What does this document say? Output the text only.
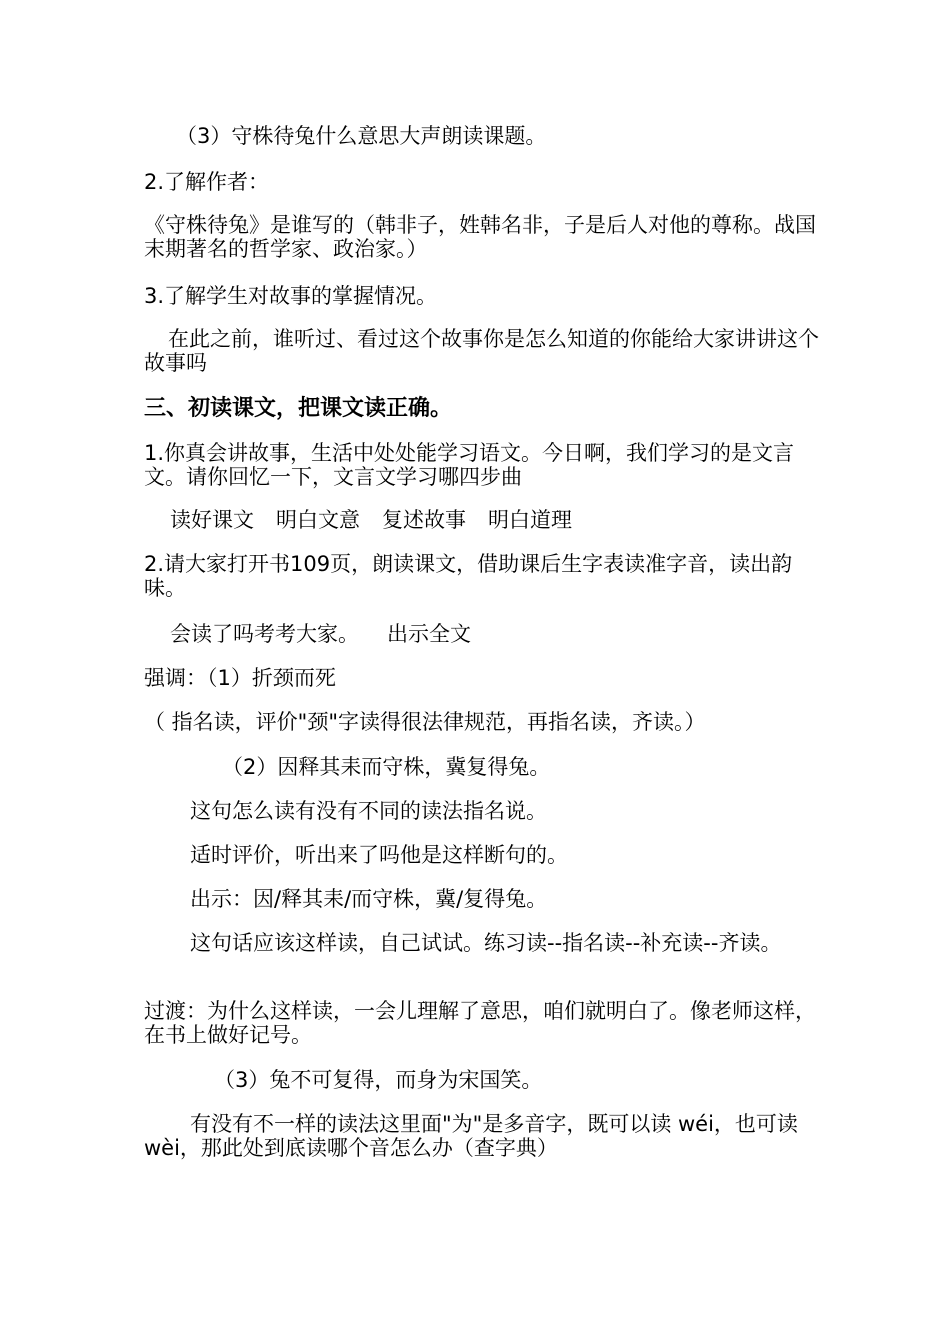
（3）守株待兔什么意思大声朗读课题。
2.了解作者：
《守株待兔》是谁写的（韩非子，姓韩名非，子是后人对他的尊称。战国末期著名的哲学家、政治家。）
3.了解学生对故事的掌握情况。
在此之前，谁听过、看过这个故事你是怎么知道的你能给大家讲讲这个故事吗
三、初读课文，把课文读正确。
1.你真会讲故事，生活中处处能学习语文。今日啊，我们学习的是文言文。请你回忆一下，文言文学习哪四步曲
读好课文 明白文意 复述故事 明白道理
2.请大家打开书109页，朗读课文，借助课后生字表读准字音，读出韵味。
会读了吗考考大家。 出示全文
强调：（1）折颈而死
（ 指名读，评价"颈"字读得很法律规范，再指名读，齐读。）
（2）因释其耒而守株，冀复得兔。
这句怎么读有没有不同的读法指名说。
适时评价，听出来了吗他是这样断句的。
出示：因/释其耒/而守株，冀/复得兔。
这句话应该这样读，自己试试。练习读--指名读--补充读--齐读。
过渡：为什么这样读，一会儿理解了意思，咱们就明白了。像老师这样，在书上做好记号。
（3）兔不可复得，而身为宋国笑。
有没有不一样的读法这里面"为"是多音字，既可以读 wéi，也可读 wèi，那此处到底读哪个音怎么办（查字典）
